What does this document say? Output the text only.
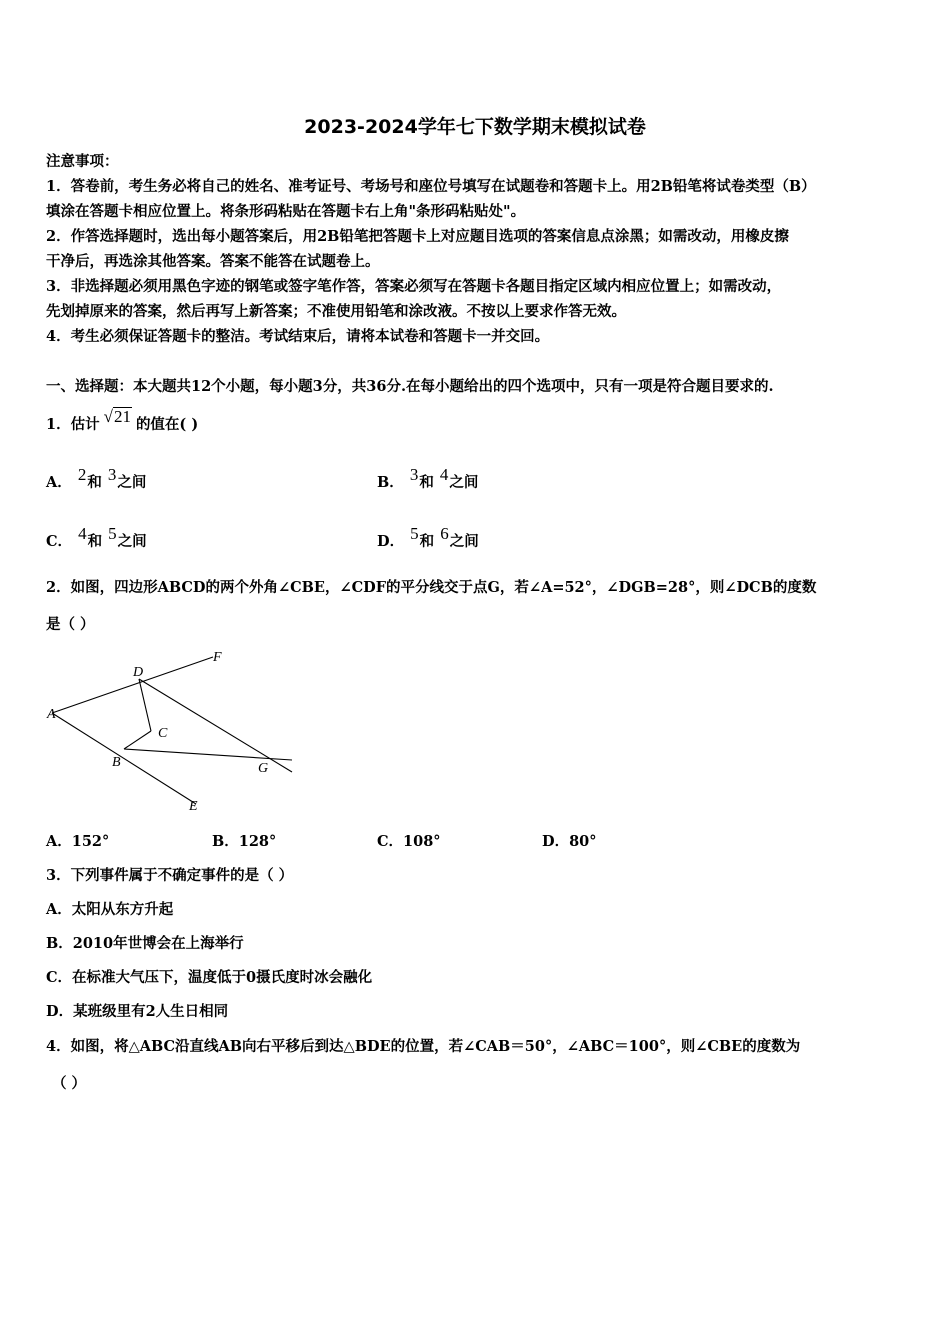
2023-2024学年七下数学期末模拟试卷
注意事项：
1．答卷前，考生务必将自己的姓名、准考证号、考场号和座位号填写在试题卷和答题卡上。用2B铅笔将试卷类型（B）
填涂在答题卡相应位置上。将条形码粘贴在答题卡右上角"条形码粘贴处"。
2．作答选择题时，选出每小题答案后，用2B铅笔把答题卡上对应题目选项的答案信息点涂黑；如需改动，用橡皮擦
干净后，再选涂其他答案。答案不能答在试题卷上。
3．非选择题必须用黑色字迹的钢笔或签字笔作答，答案必须写在答题卡各题目指定区域内相应位置上；如需改动，
先划掉原来的答案，然后再写上新答案；不准使用铅笔和涂改液。不按以上要求作答无效。
4．考生必须保证答题卡的整洁。考试结束后，请将本试卷和答题卡一并交回。
一、选择题：本大题共12个小题，每小题3分，共36分.在每小题给出的四个选项中，只有一项是符合题目要求的.
1．估计 √21 的值在( )
A． 2和 3之间	B． 3和 4之间
C． 4和 5之间	D． 5和 6之间
2．如图，四边形ABCD的两个外角∠CBE，∠CDF的平分线交于点G，若∠A=52°，∠DGB=28°，则∠DCB的度数
是（ ）
A
D
F
C
B	G
E
A．152°	B．128°	C．108°	D．80°
3．下列事件属于不确定事件的是（ ）
A．太阳从东方升起
B．2010年世博会在上海举行
C．在标准大气压下，温度低于0摄氏度时冰会融化
D．某班级里有2人生日相同
4．如图，将△ABC沿直线AB向右平移后到达△BDE的位置，若∠CAB＝50°，∠ABC＝100°，则∠CBE的度数为
（ ）
